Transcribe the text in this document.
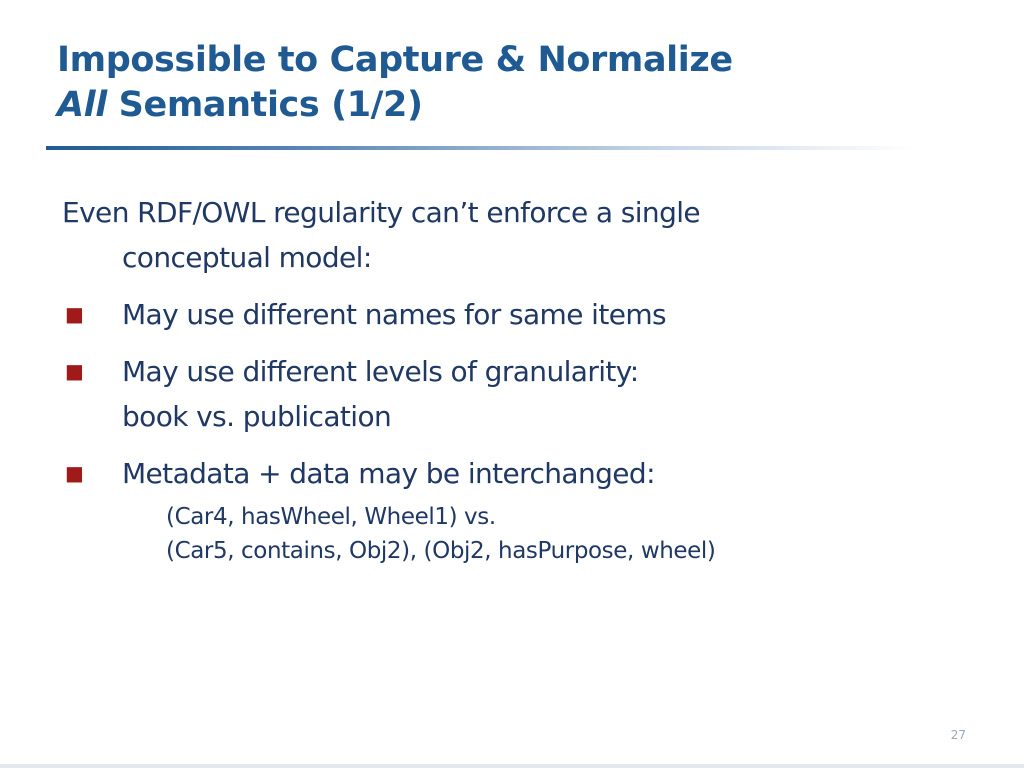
Impossible to Capture & Normalize
All Semantics (1/2)

Even RDF/OWL regularity can’t enforce a single
conceptual model:

■	May use different names for same items
■	May use different levels of granularity:
book vs. publication
■	Metadata + data may be interchanged:
(Car4, hasWheel, Wheel1) vs.
(Car5, contains, Obj2), (Obj2, hasPurpose, wheel)
27
